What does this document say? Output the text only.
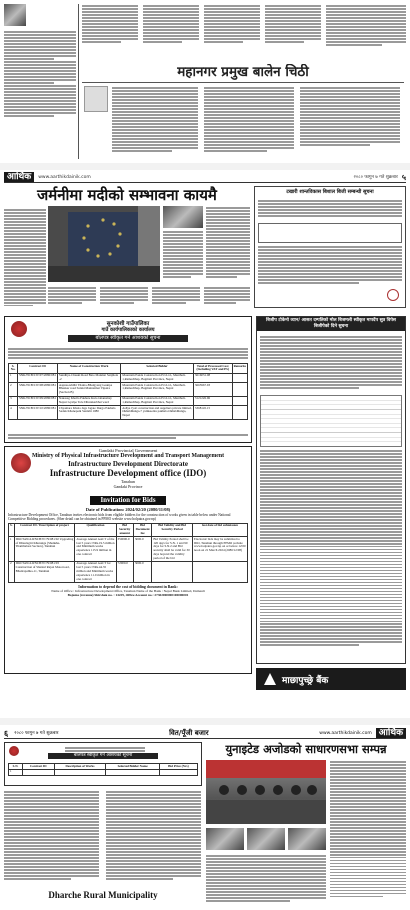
महानगर प्रमुख बालेन चिठी
आर्थिक	www.aarthikdainik.com	२०८० फागुन ७ गते शुक्रबार ५
जर्मनीमा मदीको सम्भावना कायमै	टखारी शान्तविकास बिशाल बिजी सम्बन्धी सूचना
सुनकोशी गाउँपालिका
गाउँ कार्यपालिकाको कार्यालय
बोलपत्र स्वीकृत गर्ने आशयको सूचना
S. No.	Contract ID	Name of Construction Work	Selected Bidder	Total of Processed Cost (Including VAT and PS)	Remarks
1	SNK/NCB/CW/07/2080/081	Sundhya-Chauki Road Bato Manmat Sanjhola -2	Mountain Panda Construction Pvt.Ltd., Manthali-1,Ramechhap, Bagmati Province, Nepal	3616031.08	
2	SNK/NCB/CW/08/2080/081	Aapnas-khilbi Thaina-Bhanjyang Gaunpa Bhaskar road Salaki Mannatmat Vipatra (Section B)	Mountain Panda Construction Pvt.Ltd., Manthali-1,Ramechhap, Bagmati Province, Nepal	3665967.93	
3	SNK/NCB/CW/09/2080/081	Nakasag Kholla Pakhate Kulo Ghansmay Nepur Gyalpo Tole Dhurakarbhat ward	Mountain Panda Construction Pvt.Ltd., Manthali-1,Ramechhap, Bagmati Province, Nepal	3121226.96	
4	SNK/NCB/CW/10/2080/081	Chyamara Khola Jage Jagate Durga Pakhela Sadak Khanepani Sanlahi 1080	Ashya Jyoti construction and suppliers private limited, Okhaldhunga-7 yamkaonla pakhela Okhaldhunga, Nepal	3368145.15	
Gandaki Provincial Government
Ministry of Physical Infrastructure Development and Transport Management
Infrastructure Development Directorate
Infrastructure Development office (IDO)
Tanahun
Gandaki Province
Invitation for Bids
Date of Publication: 2024/02/20 (2080/11/08)
Infrastructure Development Office, Tanahun invites electronic bids from eligible bidders for the construction of works given in table below under National Competitive Bidding procedures. (Sher detail can be obtained in PPMO website www.bolpatra.gov.np)
S.	Contract ID / Description of project	Qualification	Bid Security amount	Bid Document fee	Bid Validity and Bid Security Period	last date of bid submission
1	IDO/TAN/AII/NCB/W/79/081/02 Upgrading of Dhaulagiri Khurunge (Shankha-Thambubesi Section), Tanahun	Average Annual AACT of the last 5 years: NRs.19.5 million and Minimum works experience 115.9 million in one contract	350000.0	3000.0	Bid Validity Period shall be 120 days for S.N. 1 and 90 days for S.N.2 and Bid security shall be valid for 30 days beyond the validity period of the bid	Electronic bids may be submitted to IDO, Tanahun through PPMO website www.bolpatra.gov.np on or before 12:00 noon on 21 March 2024 (2080/12/08)
2	IDO/TAN/AII/NCB/W/79/081/03 Construction of Shantal Rajon Motorroad, Bhadrapalika-11, Tanahun	Average Annual AACT for last 5 years: NRs.44.35 million and Minimum works experience 11.0 million in one contract	72000.0	3000.0		
Information to depend the cost of bidding document in Bank:
Name of Office : Infrastructure Development Office, Tanahun Name of the Bank : Nepal Bank Limited, Damauli
Bajama (revenue) Shirshak no. : 14229, Office Account no.: 27302000000100000001
बिजीप टोकेनो व्यान/ आसत दम्पतिको मोल बिजमली स्वीकृत मापदेंप सुत्र विपेस बिजीपेको दिने सुचना
माछापुच्छ्रे बैंक
६ २०८० फागुन ७ गते शुक्रबार	वित/पूँजी बजार	www.aarthikdainik.com आर्थिक
बोलपत्र स्वीकृत गर्ने आशयको सूचना
S.N.	Contract ID	Description of Works	Selected Bidder Name	Bid Price (Nrs)
1				
Dharche Rural Municipality
युनाइटेड अजोडको साधारणसभा सम्पन्न
